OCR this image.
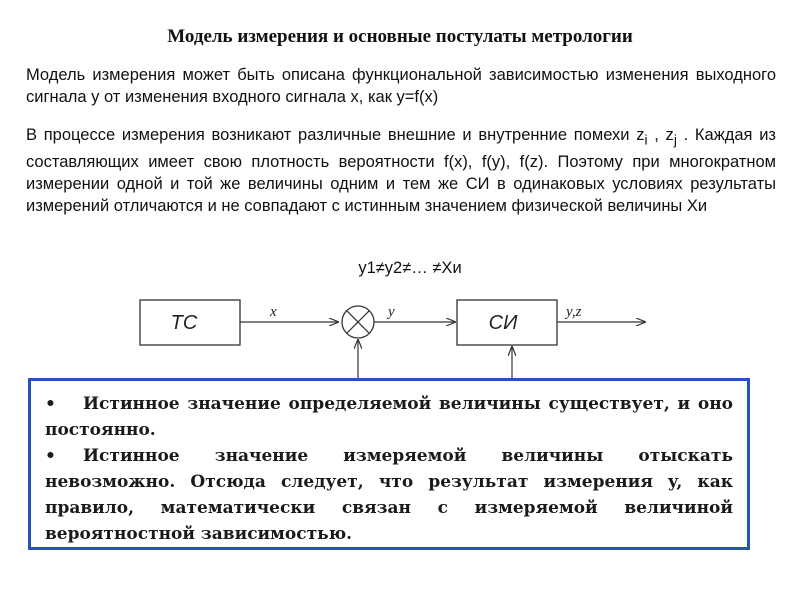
Модель измерения и основные постулаты метрологии

Модель измерения может быть описана функциональной зависимостью изменения выходного сигнала y от изменения входного сигнала x, как y=f(x)

В процессе измерения возникают различные внешние и внутренние помехи $z_i$ , $z_j$ . Каждая из составляющих имеет свою плотность вероятности f(x), f(y), f(z). Поэтому при многократном измерении одной и той же величины одним и тем же СИ в одинаковых условиях результаты измерений отличаются и не совпадают с истинным значением физической величины Хи

y1≠y2≠… ≠Xи
ТС	x	y	СИ	y,z

• Истинное значение определяемой величины существует, и оно постоянно.

• Истинное значение измеряемой величины отыскать невозможно. Отсюда следует, что результат измерения y, как правило, математически связан с измеряемой величиной вероятностной зависимостью.
